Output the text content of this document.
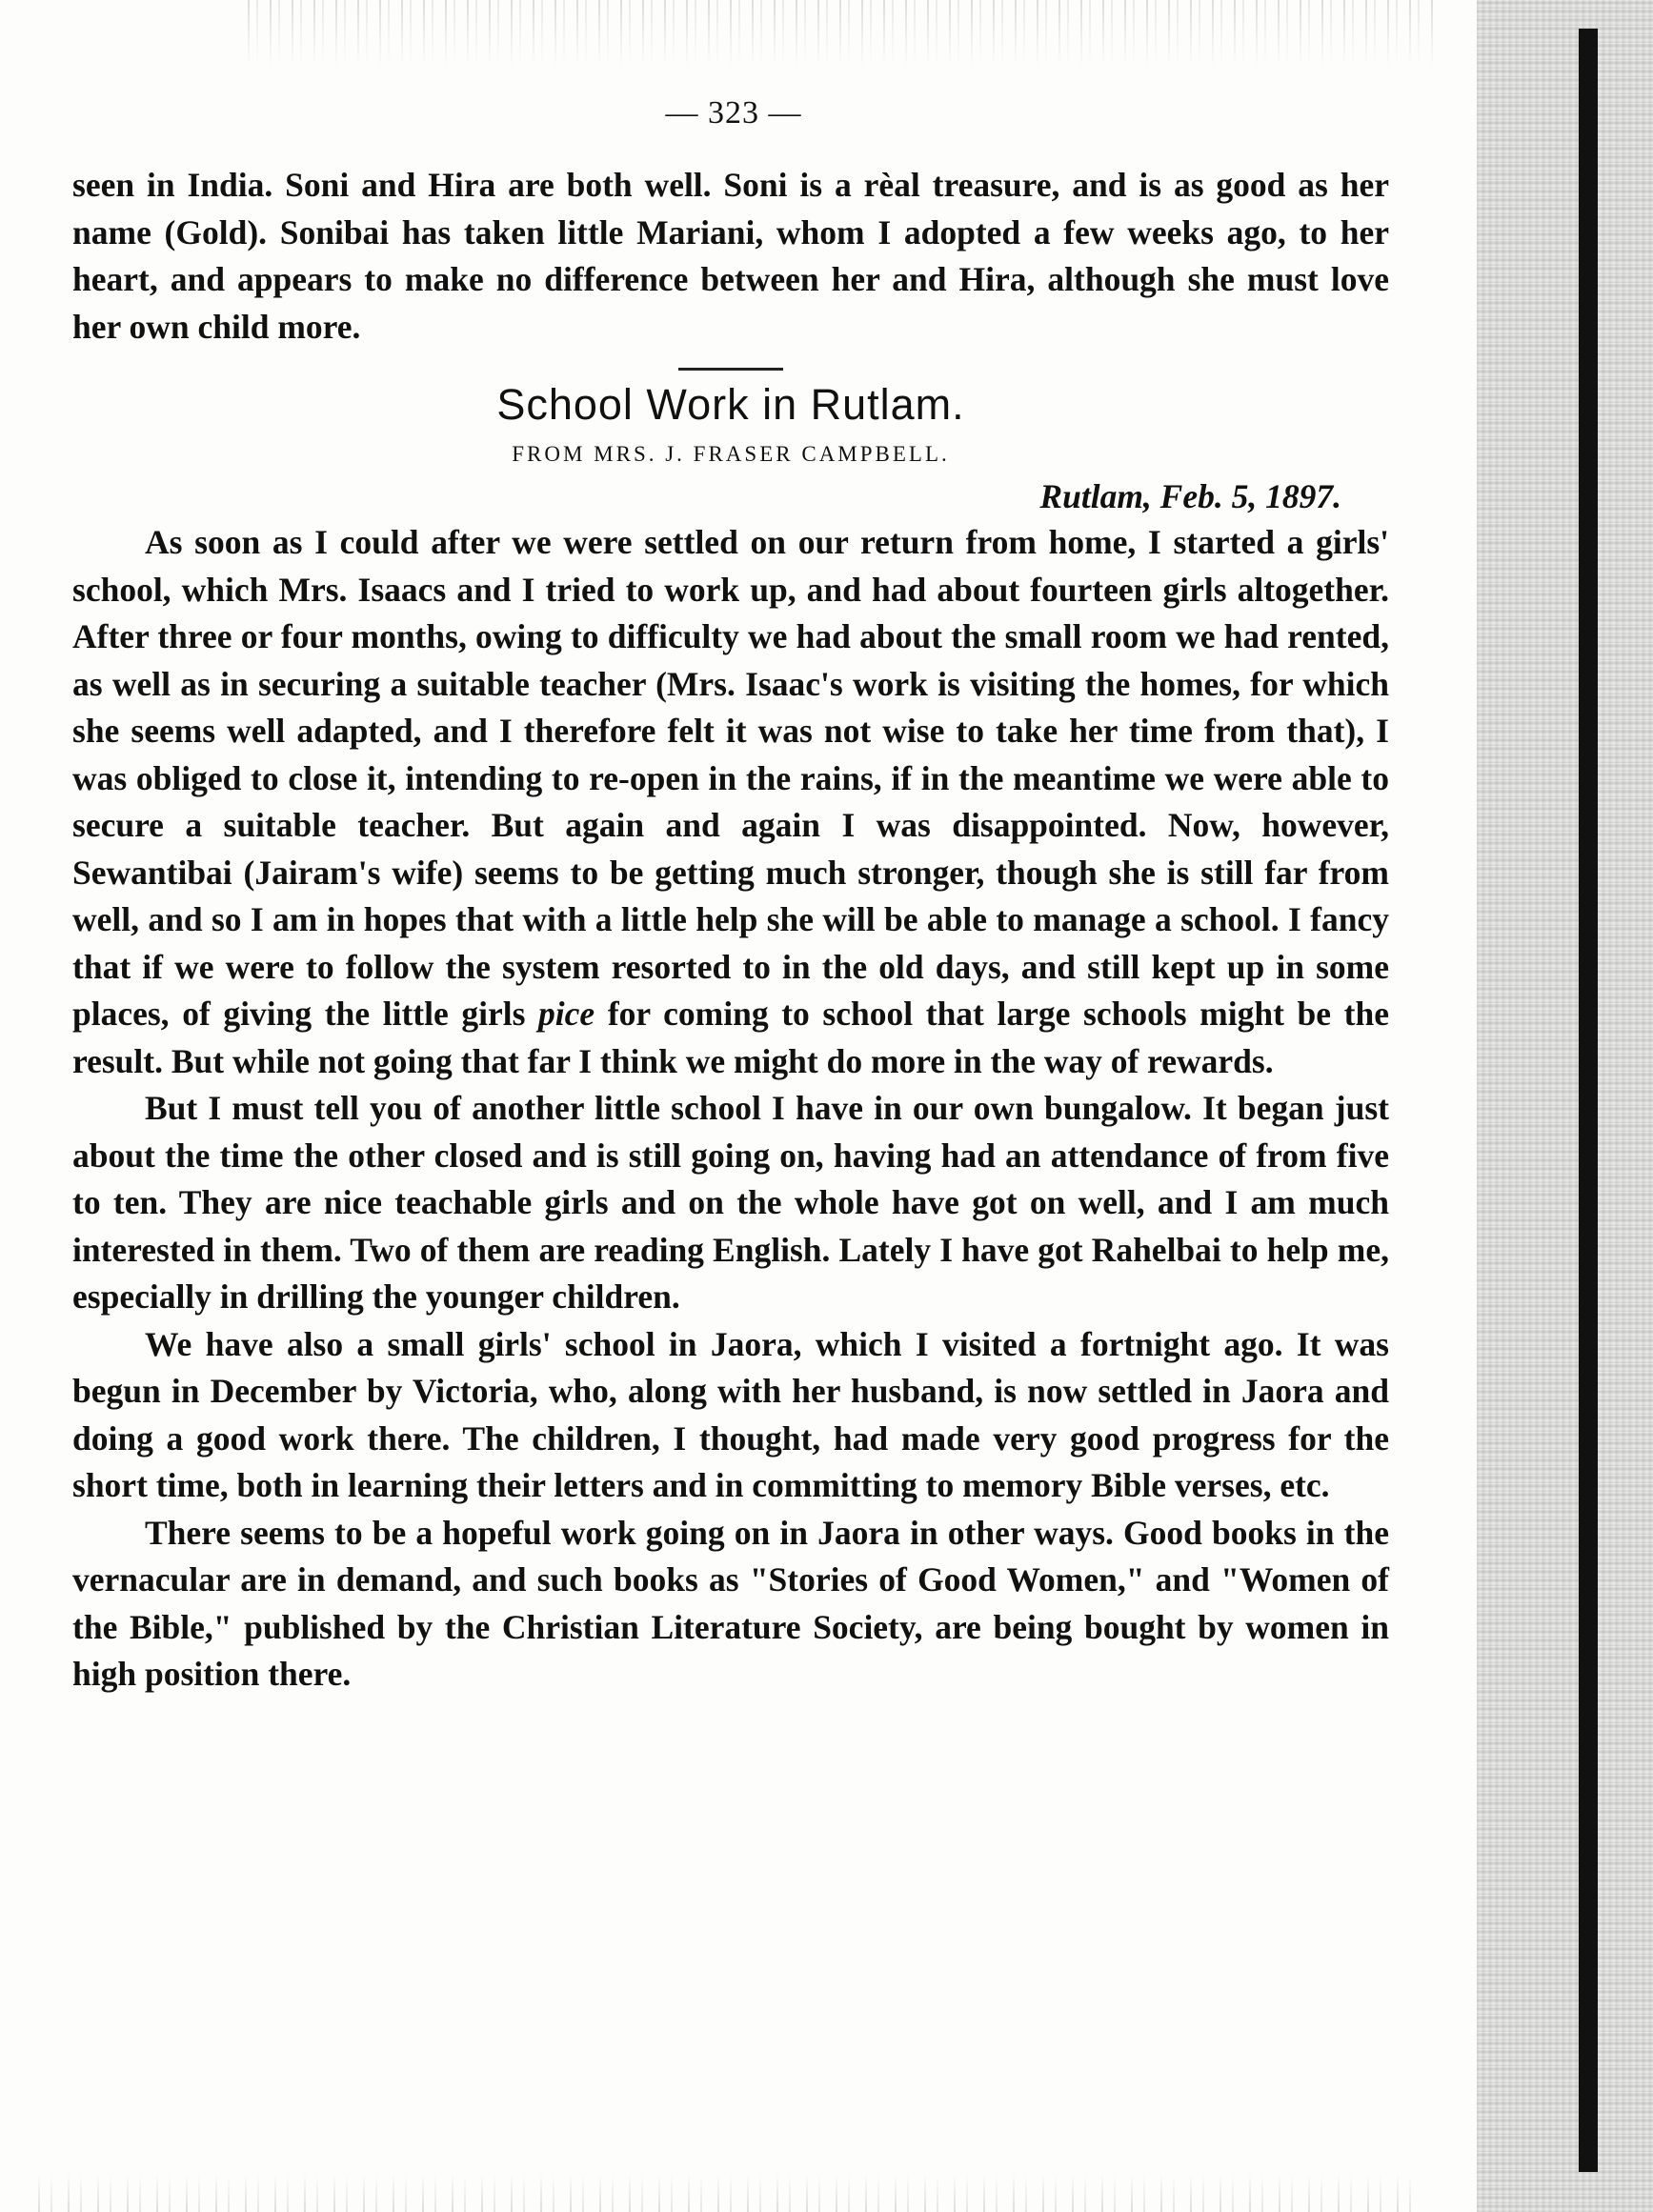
— 323 —

seen in India. Soni and Hira are both well. Soni is a rèal treasure, and is as good as her name (Gold). Sonibai has taken little Mariani, whom I adopted a few weeks ago, to her heart, and appears to make no difference between her and Hira, although she must love her own child more.

School Work in Rutlam.
FROM MRS. J. FRASER CAMPBELL.
Rutlam, Feb. 5, 1897.

As soon as I could after we were settled on our return from home, I started a girls' school, which Mrs. Isaacs and I tried to work up, and had about fourteen girls altogether. After three or four months, owing to difficulty we had about the small room we had rented, as well as in securing a suitable teacher (Mrs. Isaac's work is visiting the homes, for which she seems well adapted, and I therefore felt it was not wise to take her time from that), I was obliged to close it, intending to re-open in the rains, if in the meantime we were able to secure a suitable teacher. But again and again I was disappointed. Now, however, Sewantibai (Jairam's wife) seems to be getting much stronger, though she is still far from well, and so I am in hopes that with a little help she will be able to manage a school. I fancy that if we were to follow the system resorted to in the old days, and still kept up in some places, of giving the little girls pice for coming to school that large schools might be the result. But while not going that far I think we might do more in the way of rewards.

But I must tell you of another little school I have in our own bungalow. It began just about the time the other closed and is still going on, having had an attendance of from five to ten. They are nice teachable girls and on the whole have got on well, and I am much interested in them. Two of them are reading English. Lately I have got Rahelbai to help me, especially in drilling the younger children.

We have also a small girls' school in Jaora, which I visited a fortnight ago. It was begun in December by Victoria, who, along with her husband, is now settled in Jaora and doing a good work there. The children, I thought, had made very good progress for the short time, both in learning their letters and in committing to memory Bible verses, etc.

There seems to be a hopeful work going on in Jaora in other ways. Good books in the vernacular are in demand, and such books as "Stories of Good Women," and "Women of the Bible," published by the Christian Literature Society, are being bought by women in high position there.
